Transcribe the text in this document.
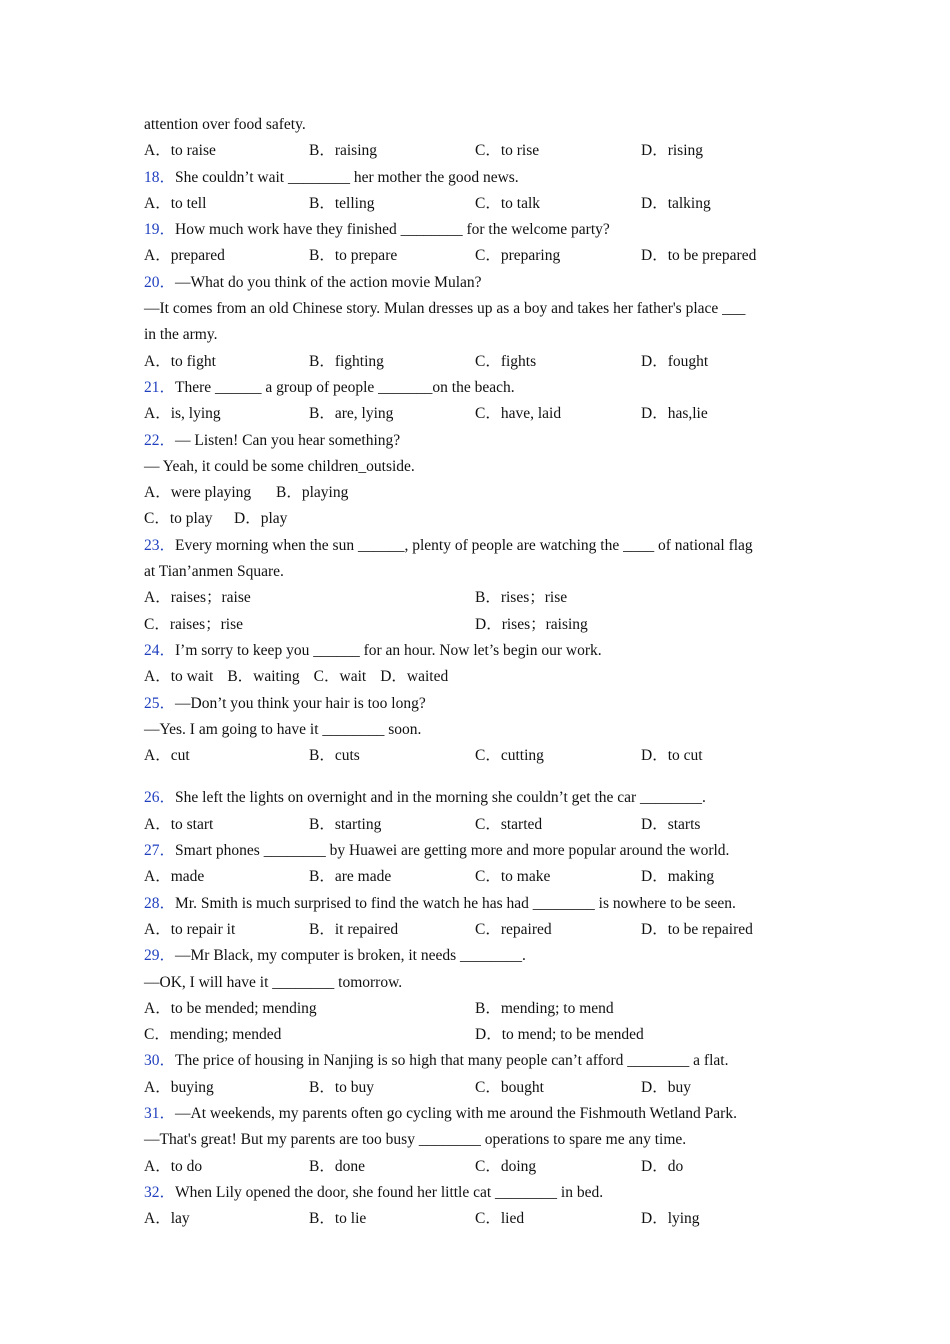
attention over food safety.
A．to raise	B．raising	C．to rise	D．rising
18．She couldn’t wait ________ her mother the good news.
A．to tell	B．telling	C．to talk	D．talking
19．How much work have they finished ________ for the welcome party?
A．prepared	B．to prepare	C．preparing	D．to be prepared
20．—What do you think of the action movie Mulan?
—It comes from an old Chinese story. Mulan dresses up as a boy and takes her father's place ___
in the army.
A．to fight	B．fighting	C．fights	D．fought
21．There ______ a group of people _______on the beach.
A．is, lying	B．are, lying	C．have, laid	D．has,lie
22．— Listen! Can you hear something?
— Yeah, it could be some children_outside.
A．were playing B．playing
C．to play D．play
23．Every morning when the sun ______, plenty of people are watching the ____ of national flag
at Tian’anmen Square.
A．raises；raise	B．rises；rise
C．raises；rise	D．rises；raising
24．I’m sorry to keep you ______ for an hour. Now let’s begin our work.
A．to wait B．waiting C．wait D．waited
25．—Don’t you think your hair is too long?
—Yes. I am going to have it ________ soon.
A．cut	B．cuts	C．cutting	D．to cut
26．She left the lights on overnight and in the morning she couldn’t get the car ________.
A．to start	B．starting	C．started	D．starts
27．Smart phones ________ by Huawei are getting more and more popular around the world.
A．made	B．are made	C．to make	D．making
28．Mr. Smith is much surprised to find the watch he has had ________ is nowhere to be seen.
A．to repair it	B．it repaired	C．repaired	D．to be repaired
29．—Mr Black, my computer is broken, it needs ________.
—OK, I will have it ________ tomorrow.
A．to be mended; mending	B．mending; to mend
C．mending; mended	D．to mend; to be mended
30．The price of housing in Nanjing is so high that many people can’t afford ________ a flat.
A．buying	B．to buy	C．bought	D．buy
31．—At weekends, my parents often go cycling with me around the Fishmouth Wetland Park.
—That's great! But my parents are too busy ________ operations to spare me any time.
A．to do	B．done	C．doing	D．do
32．When Lily opened the door, she found her little cat ________ in bed.
A．lay	B．to lie	C．lied	D．lying
